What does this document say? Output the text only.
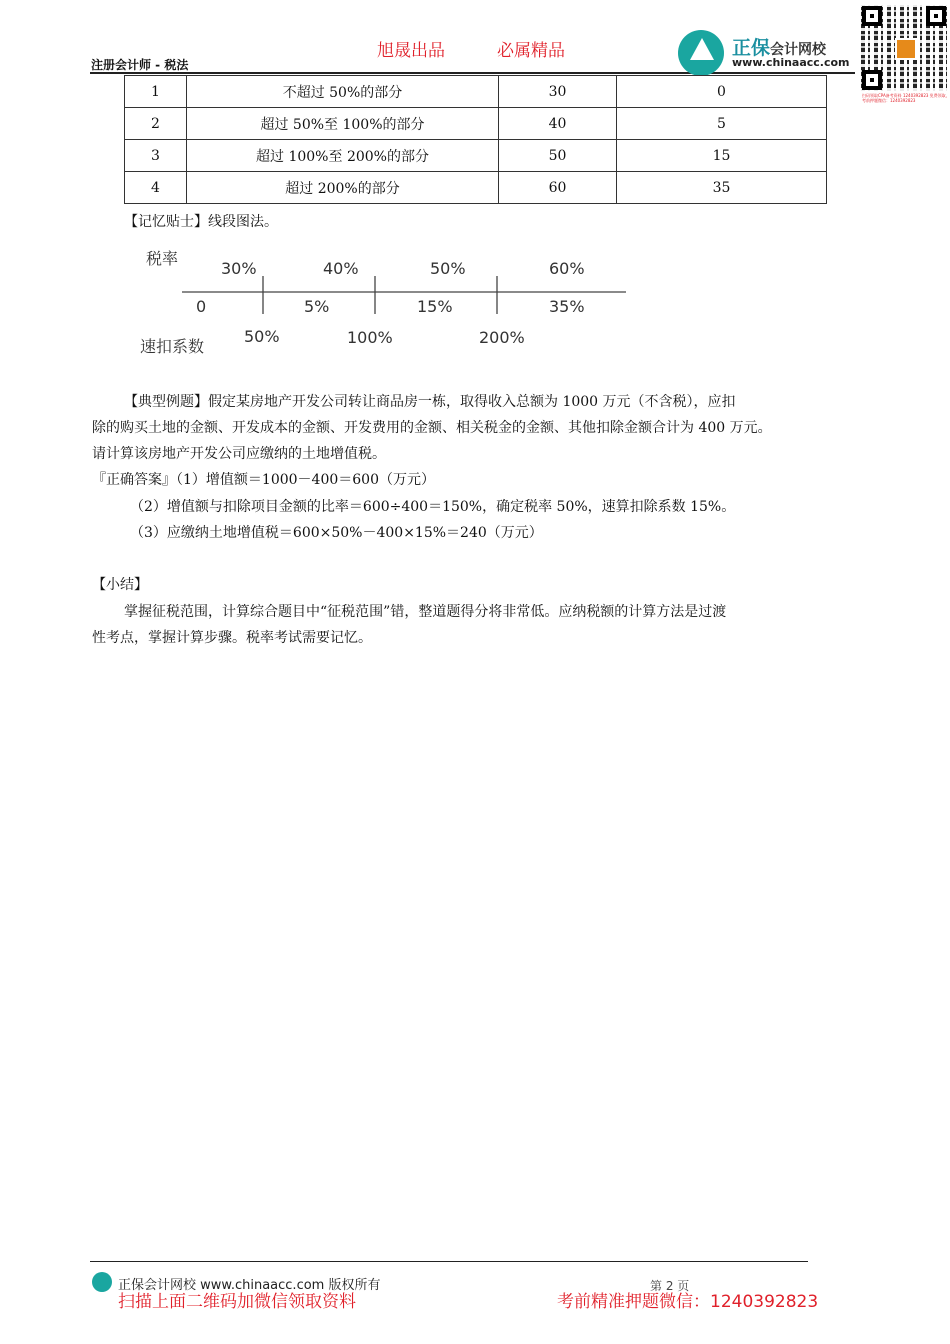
旭晟出品	必属精品
注册会计师 - 税法
正保会计网校
www.chinaacc.com
扫码领取CPA备考资料 1240392823 免费领取，考前押题微信：1240392823
1	不超过 50%的部分	30	0
2	超过 50%至 100%的部分	40	5
3	超过 100%至 200%的部分	50	15
4	超过 200%的部分	60	35
【记忆贴士】线段图法。
税率
速扣系数
30%	40%	50%	60%
0	5%	15%	35%
50%	100%	200%
【典型例题】假定某房地产开发公司转让商品房一栋，取得收入总额为 1000 万元（不含税），应扣
除的购买土地的金额、开发成本的金额、开发费用的金额、相关税金的金额、其他扣除金额合计为 400 万元。
请计算该房地产开发公司应缴纳的土地增值税。
『正确答案』（1）增值额＝1000－400＝600（万元）
（2）增值额与扣除项目金额的比率＝600÷400＝150%，确定税率 50%，速算扣除系数 15%。
（3）应缴纳土地增值税＝600×50%－400×15%＝240（万元）
【小结】
掌握征税范围，计算综合题目中“征税范围”错，整道题得分将非常低。应纳税额的计算方法是过渡
性考点，掌握计算步骤。税率考试需要记忆。
正保会计网校 www.chinaacc.com 版权所有	第 2 页
扫描上面二维码加微信领取资料	考前精准押题微信：1240392823
